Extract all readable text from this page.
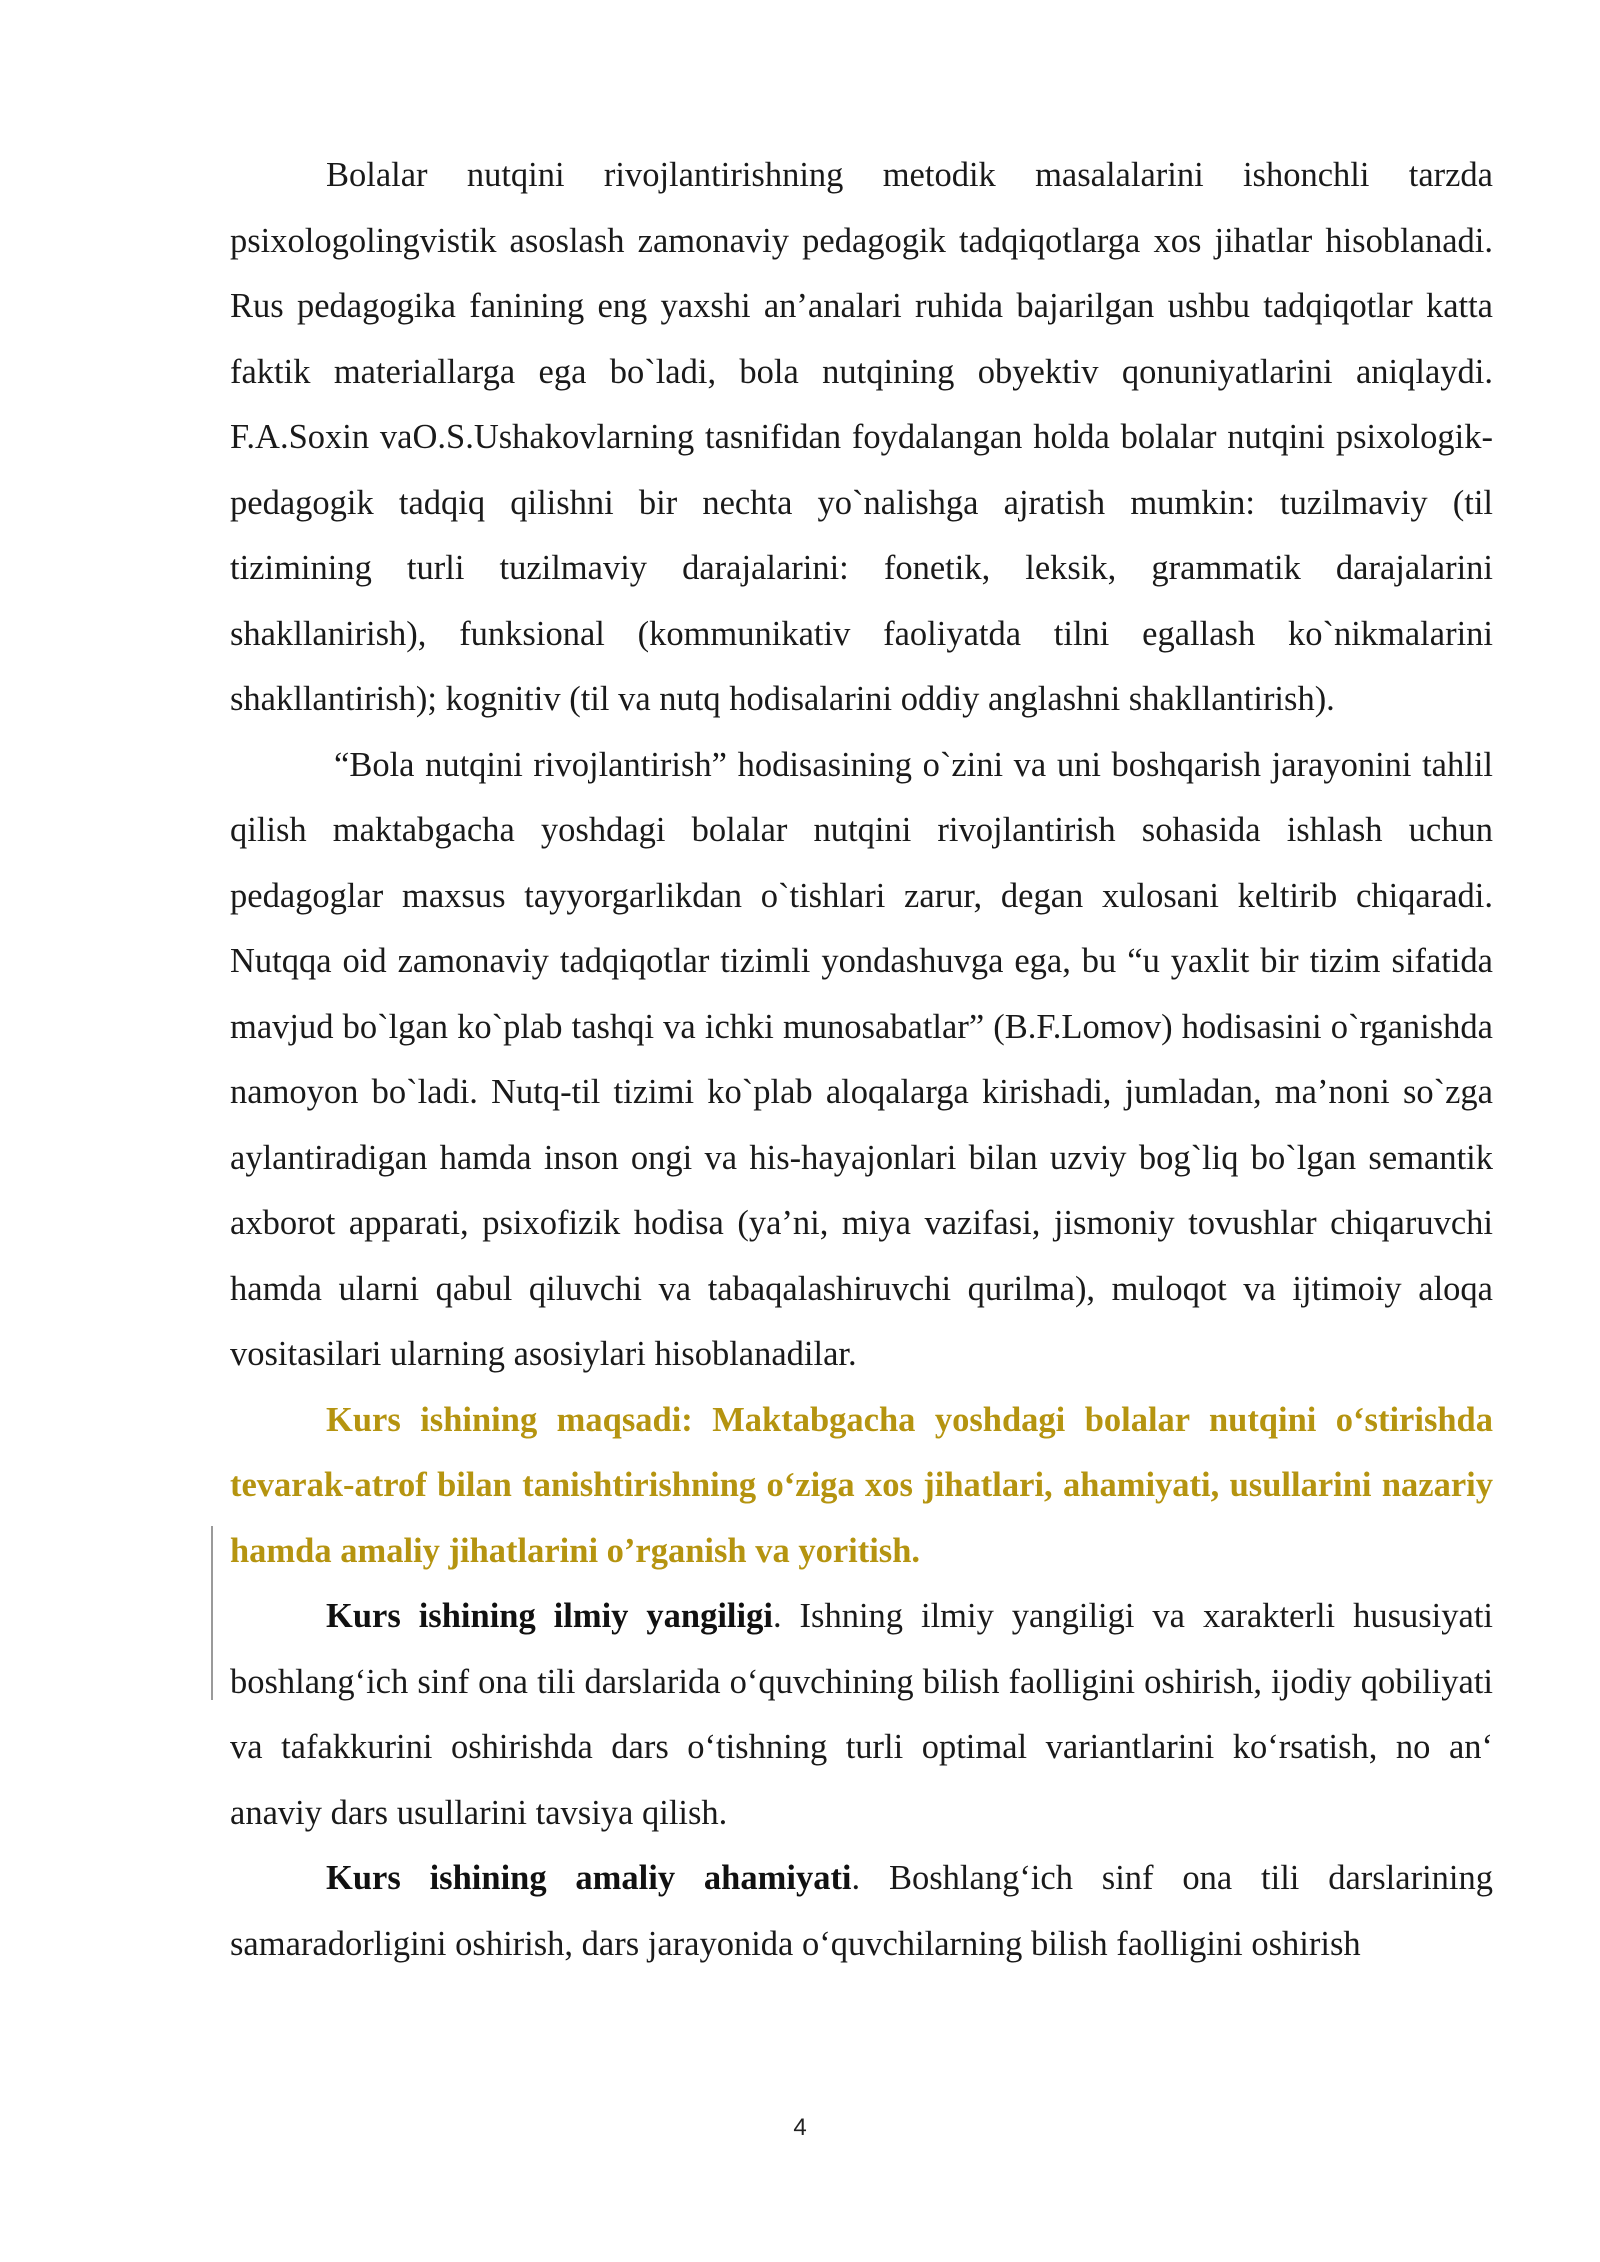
Bolalar nutqini rivojlantirishning metodik masalalarini ishonchli tarzda psixologolingvistik asoslash zamonaviy pedagogik tadqiqotlarga xos jihatlar hisoblanadi. Rus pedagogika fanining eng yaxshi an’analari ruhida bajarilgan ushbu tadqiqotlar katta faktik materiallarga ega bo`ladi, bola nutqining obyektiv qonuniyatlarini aniqlaydi. F.A.Soxin vaO.S.Ushakovlarning tasnifidan foydalangan holda bolalar nutqini psixologik-pedagogik tadqiq qilishni bir nechta yo`nalishga ajratish mumkin: tuzilmaviy (til tizimining turli tuzilmaviy darajalarini: fonetik, leksik, grammatik darajalarini shakllanirish), funksional (kommunikativ faoliyatda tilni egallash ko`nikmalarini shakllantirish); kognitiv (til va nutq hodisalarini oddiy anglashni shakllantirish).

“Bola nutqini rivojlantirish” hodisasining o`zini va uni boshqarish jarayonini tahlil qilish maktabgacha yoshdagi bolalar nutqini rivojlantirish sohasida ishlash uchun pedagoglar maxsus tayyorgarlikdan o`tishlari zarur, degan xulosani keltirib chiqaradi. Nutqqa oid zamonaviy tadqiqotlar tizimli yondashuvga ega, bu “u yaxlit bir tizim sifatida mavjud bo`lgan ko`plab tashqi va ichki munosabatlar” (B.F.Lomov) hodisasini o`rganishda namoyon bo`ladi. Nutq-til tizimi ko`plab aloqalarga kirishadi, jumladan, ma’noni so`zga aylantiradigan hamda inson ongi va his-hayajonlari bilan uzviy bog`liq bo`lgan semantik axborot apparati, psixofizik hodisa (ya’ni, miya vazifasi, jismoniy tovushlar chiqaruvchi hamda ularni qabul qiluvchi va tabaqalashiruvchi qurilma), muloqot va ijtimoiy aloqa vositasilari ularning asosiylari hisoblanadilar.

Kurs ishining maqsadi: Maktabgacha yoshdagi bolalar nutqini o‘stirishda tevarak-atrof bilan tanishtirishning o‘ziga xos jihatlari, ahamiyati, usullarini nazariy hamda amaliy jihatlarini o’rganish va yoritish.

Kurs ishining ilmiy yangiligi. Ishning ilmiy yangiligi va xarakterli hususiyati boshlang‘ich sinf ona tili darslarida o‘quvchining bilish faolligini oshirish, ijodiy qobiliyati va tafakkurini oshirishda dars o‘tishning turli optimal variantlarini ko‘rsatish, no an‘ anaviy dars usullarini tavsiya qilish.

Kurs ishining amaliy ahamiyati. Boshlang‘ich sinf ona tili darslarining samaradorligini oshirish, dars jarayonida o‘quvchilarning bilish faolligini oshirish

4
